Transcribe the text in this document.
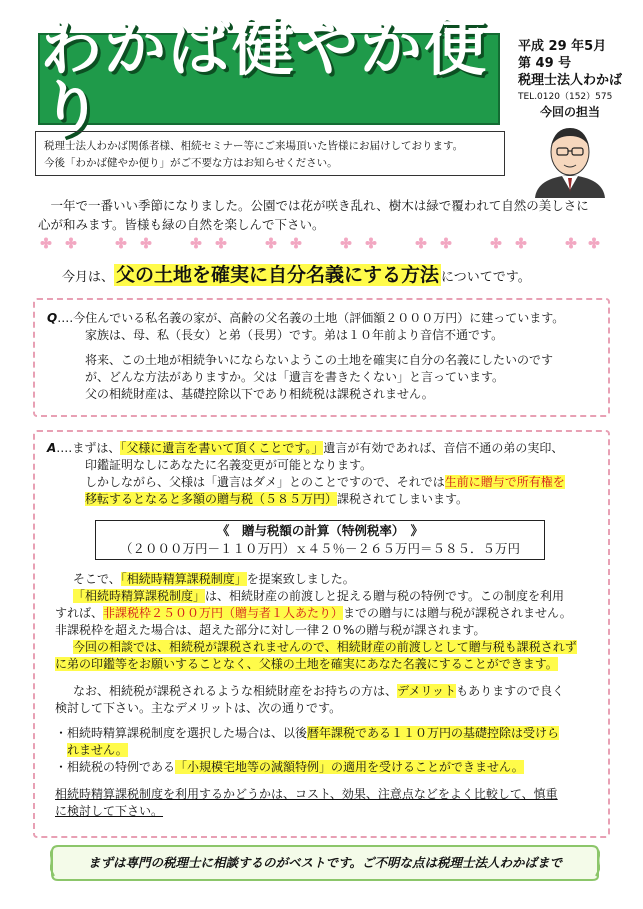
わかば健やか便り
平成 29 年5月
第 49 号
税理士法人わかば
TEL.0120（152）575
今回の担当
税理士法人わかば関係者様、相続セミナー等にご来場頂いた皆様にお届けしております。
今後「わかば健やか便り」がご不要な方はお知らせください。
一年で一番いい季節になりました。公園では花が咲き乱れ、樹木は緑で覆われて自然の美しさに
心が和みます。皆様も緑の自然を楽しんで下さい。
今月は、 父の土地を確実に自分名義にする方法 についてです。
Q‥‥今住んでいる私名義の家が、高齢の父名義の土地（評価額２０００万円）に建っています。
家族は、母、私（長女）と弟（長男）です。弟は１０年前より音信不通です。
将来、この土地が相続争いにならないようこの土地を確実に自分の名義にしたいのです
が、どんな方法がありますか。父は「遺言を書きたくない」と言っています。
父の相続財産は、基礎控除以下であり相続税は課税されません。
A‥‥まずは、「父様に遺言を書いて頂くことです。」遺言が有効であれば、音信不通の弟の実印、
印鑑証明なしにあなたに名義変更が可能となります。
しかしながら、父様は「遺言はダメ」とのことですので、それでは生前に贈与で所有権を
移転するとなると多額の贈与税（５８５万円）課税されてしまいます。
そこで、「相続時精算課税制度」を提案致しました。
「相続時精算課税制度」は、相続財産の前渡しと捉える贈与税の特例です。この制度を利用
すれば、非課税枠２５００万円（贈与者１人あたり）までの贈与には贈与税が課税されません。
非課税枠を超えた場合は、超えた部分に対し一律２０%の贈与税が課されます。
今回の相談では、相続税が課税されませんので、相続財産の前渡しとして贈与税も課税されず
に弟の印鑑等をお願いすることなく、父様の土地を確実にあなた名義にすることができます。
なお、相続税が課税されるような相続財産をお持ちの方は、デメリットもありますので良く
検討して下さい。主なデメリットは、次の通りです。
・相続時精算課税制度を選択した場合は、以後暦年課税である１１０万円の基礎控除は受けら
れません。
・相続税の特例である「小規模宅地等の減額特例」の適用を受けることができません。
相続時精算課税制度を利用するかどうかは、コスト、効果、注意点などをよく比較して、慎重
に検討して下さい。
《　贈与税額の計算（特例税率）　》
（２０００万円－１１０万円）ｘ４５％－２６５万円＝５８５．５万円
まずは専門の税理士に相談するのがベストです。ご不明な点は税理士法人わかばまで
